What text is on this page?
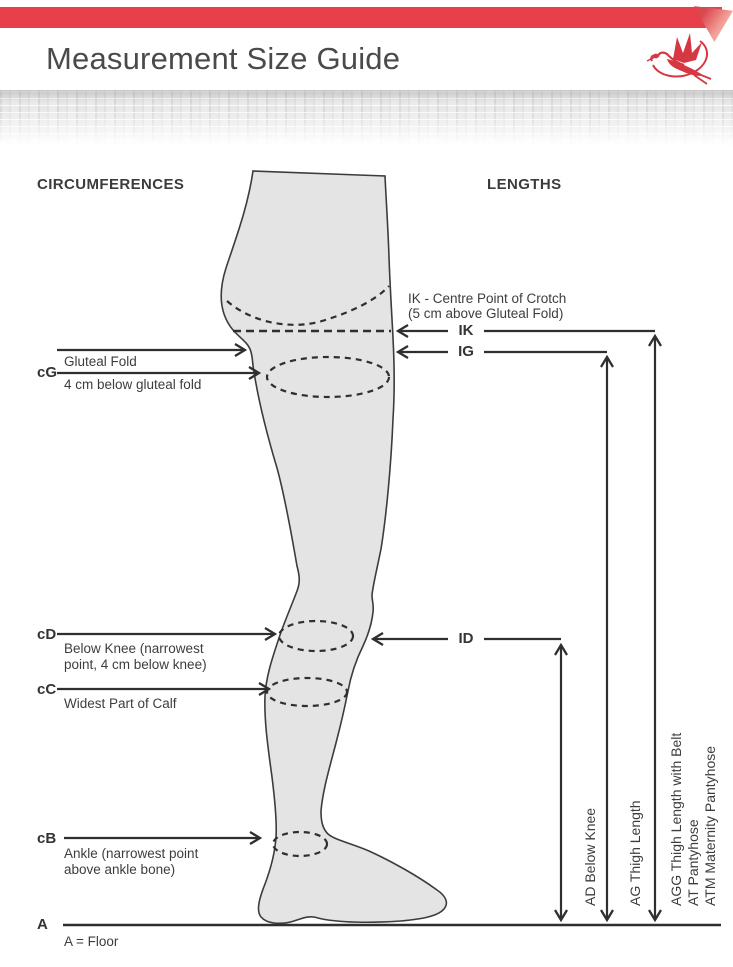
Measurement Size Guide
CIRCUMFERENCES	LENGTHS
cG
Gluteal Fold
4 cm below gluteal fold
cD
Below Knee (narrowest point, 4 cm below knee)
cC
Widest Part of Calf
cB
Ankle (narrowest point above ankle bone)
A
A = Floor
IK - Centre Point of Crotch
(5 cm above Gluteal Fold)
IK
IG
ID
AD Below Knee AG Thigh Length AGG Thigh Length with Belt AT Pantyhose ATM Maternity Pantyhose
